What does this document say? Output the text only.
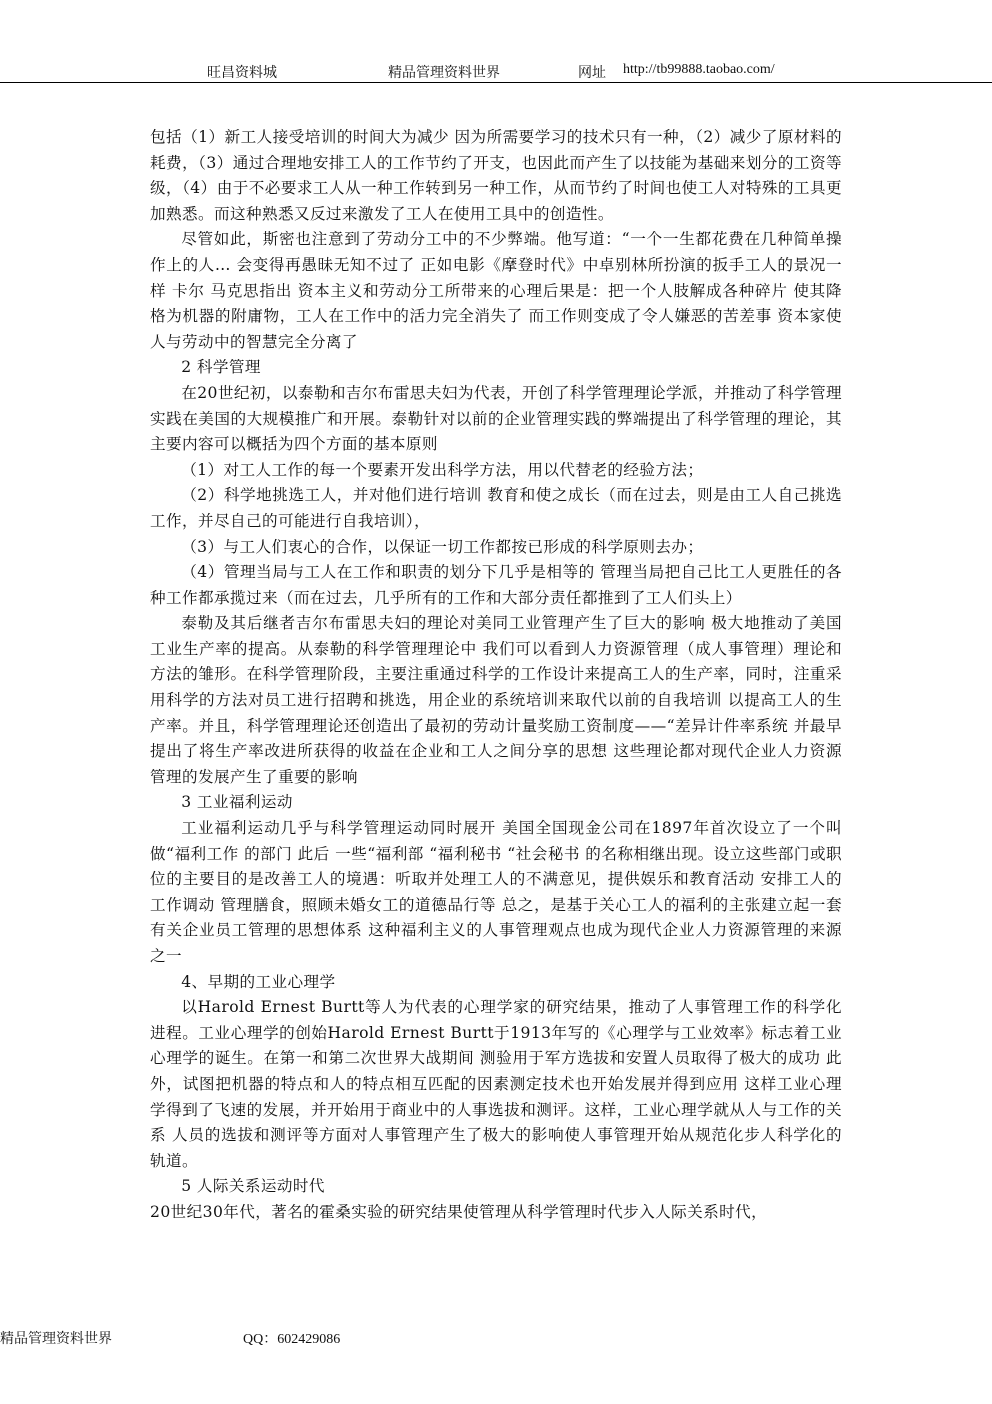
旺昌资料城	精品管理资料世界	网址 http://tb99888.taobao.com/

包括（1）新工人接受培训的时间大为减少 因为所需要学习的技术只有一种，（2）减少了原材料的耗费，（3）通过合理地安排工人的工作节约了开支，也因此而产生了以技能为基础来划分的工资等级，（4）由于不必要求工人从一种工作转到另一种工作，从而节约了时间也使工人对特殊的工具更加熟悉。而这种熟悉又反过来激发了工人在使用工具中的创造性。

尽管如此，斯密也注意到了劳动分工中的不少弊端。他写道：“一个一生都花费在几种简单操作上的人… 会变得再愚昧无知不过了 正如电影《摩登时代》中卓别林所扮演的扳手工人的景况一样 卡尔 马克思指出 资本主义和劳动分工所带来的心理后果是：把一个人肢解成各种碎片 使其降格为机器的附庸物，工人在工作中的活力完全消失了 而工作则变成了令人嫌恶的苦差事 资本家使人与劳动中的智慧完全分离了

2 科学管理

在20世纪初，以泰勒和吉尔布雷思夫妇为代表，开创了科学管理理论学派，并推动了科学管理实践在美国的大规模推广和开展。泰勒针对以前的企业管理实践的弊端提出了科学管理的理论，其主要内容可以概括为四个方面的基本原则

（1）对工人工作的每一个要素开发出科学方法，用以代替老的经验方法；

（2）科学地挑选工人，并对他们进行培训 教育和使之成长（而在过去，则是由工人自己挑选工作，并尽自己的可能进行自我培训），

（3）与工人们衷心的合作，以保证一切工作都按已形成的科学原则去办；

（4）管理当局与工人在工作和职责的划分下几乎是相等的 管理当局把自己比工人更胜任的各种工作都承揽过来（而在过去，几乎所有的工作和大部分责任都推到了工人们头上）

泰勒及其后继者吉尔布雷思夫妇的理论对美同工业管理产生了巨大的影响 极大地推动了美国工业生产率的提高。从泰勒的科学管理理论中 我们可以看到人力资源管理（成人事管理）理论和方法的雏形。在科学管理阶段，主要注重通过科学的工作设计来提高工人的生产率，同时，注重采用科学的方法对员工进行招聘和挑选，用企业的系统培训来取代以前的自我培训 以提高工人的生产率。并且，科学管理理论还创造出了最初的劳动计量奖励工资制度——“差异计件率系统 并最早提出了将生产率改进所获得的收益在企业和工人之间分享的思想 这些理论都对现代企业人力资源管理的发展产生了重要的影响

3 工业福利运动

工业福利运动几乎与科学管理运动同时展开 美国全国现金公司在1897年首次设立了一个叫做“福利工作 的部门 此后 一些“福利部 “福利秘书 “社会秘书 的名称相继出现。设立这些部门或职位的主要目的是改善工人的境遇：听取并处理工人的不满意见，提供娱乐和教育活动 安排工人的工作调动 管理膳食，照顾未婚女工的道德品行等 总之，是基于关心工人的福利的主张建立起一套有关企业员工管理的思想体系 这种福利主义的人事管理观点也成为现代企业人力资源管理的来源之一

4、早期的工业心理学

以Harold Ernest Burtt等人为代表的心理学家的研究结果，推动了人事管理工作的科学化进程。工业心理学的创始Harold Ernest Burtt于1913年写的《心理学与工业效率》标志着工业心理学的诞生。在第一和第二次世界大战期间 测验用于军方选拔和安置人员取得了极大的成功 此外，试图把机器的特点和人的特点相互匹配的因素测定技术也开始发展并得到应用 这样工业心理学得到了飞速的发展，并开始用于商业中的人事选拔和测评。这样，工业心理学就从人与工作的关系 人员的选拔和测评等方面对人事管理产生了极大的影响使人事管理开始从规范化步人科学化的轨道。

5 人际关系运动时代

20世纪30年代，著名的霍桑实验的研究结果使管理从科学管理时代步入人际关系时代，

精品管理资料世界	QQ：602429086
